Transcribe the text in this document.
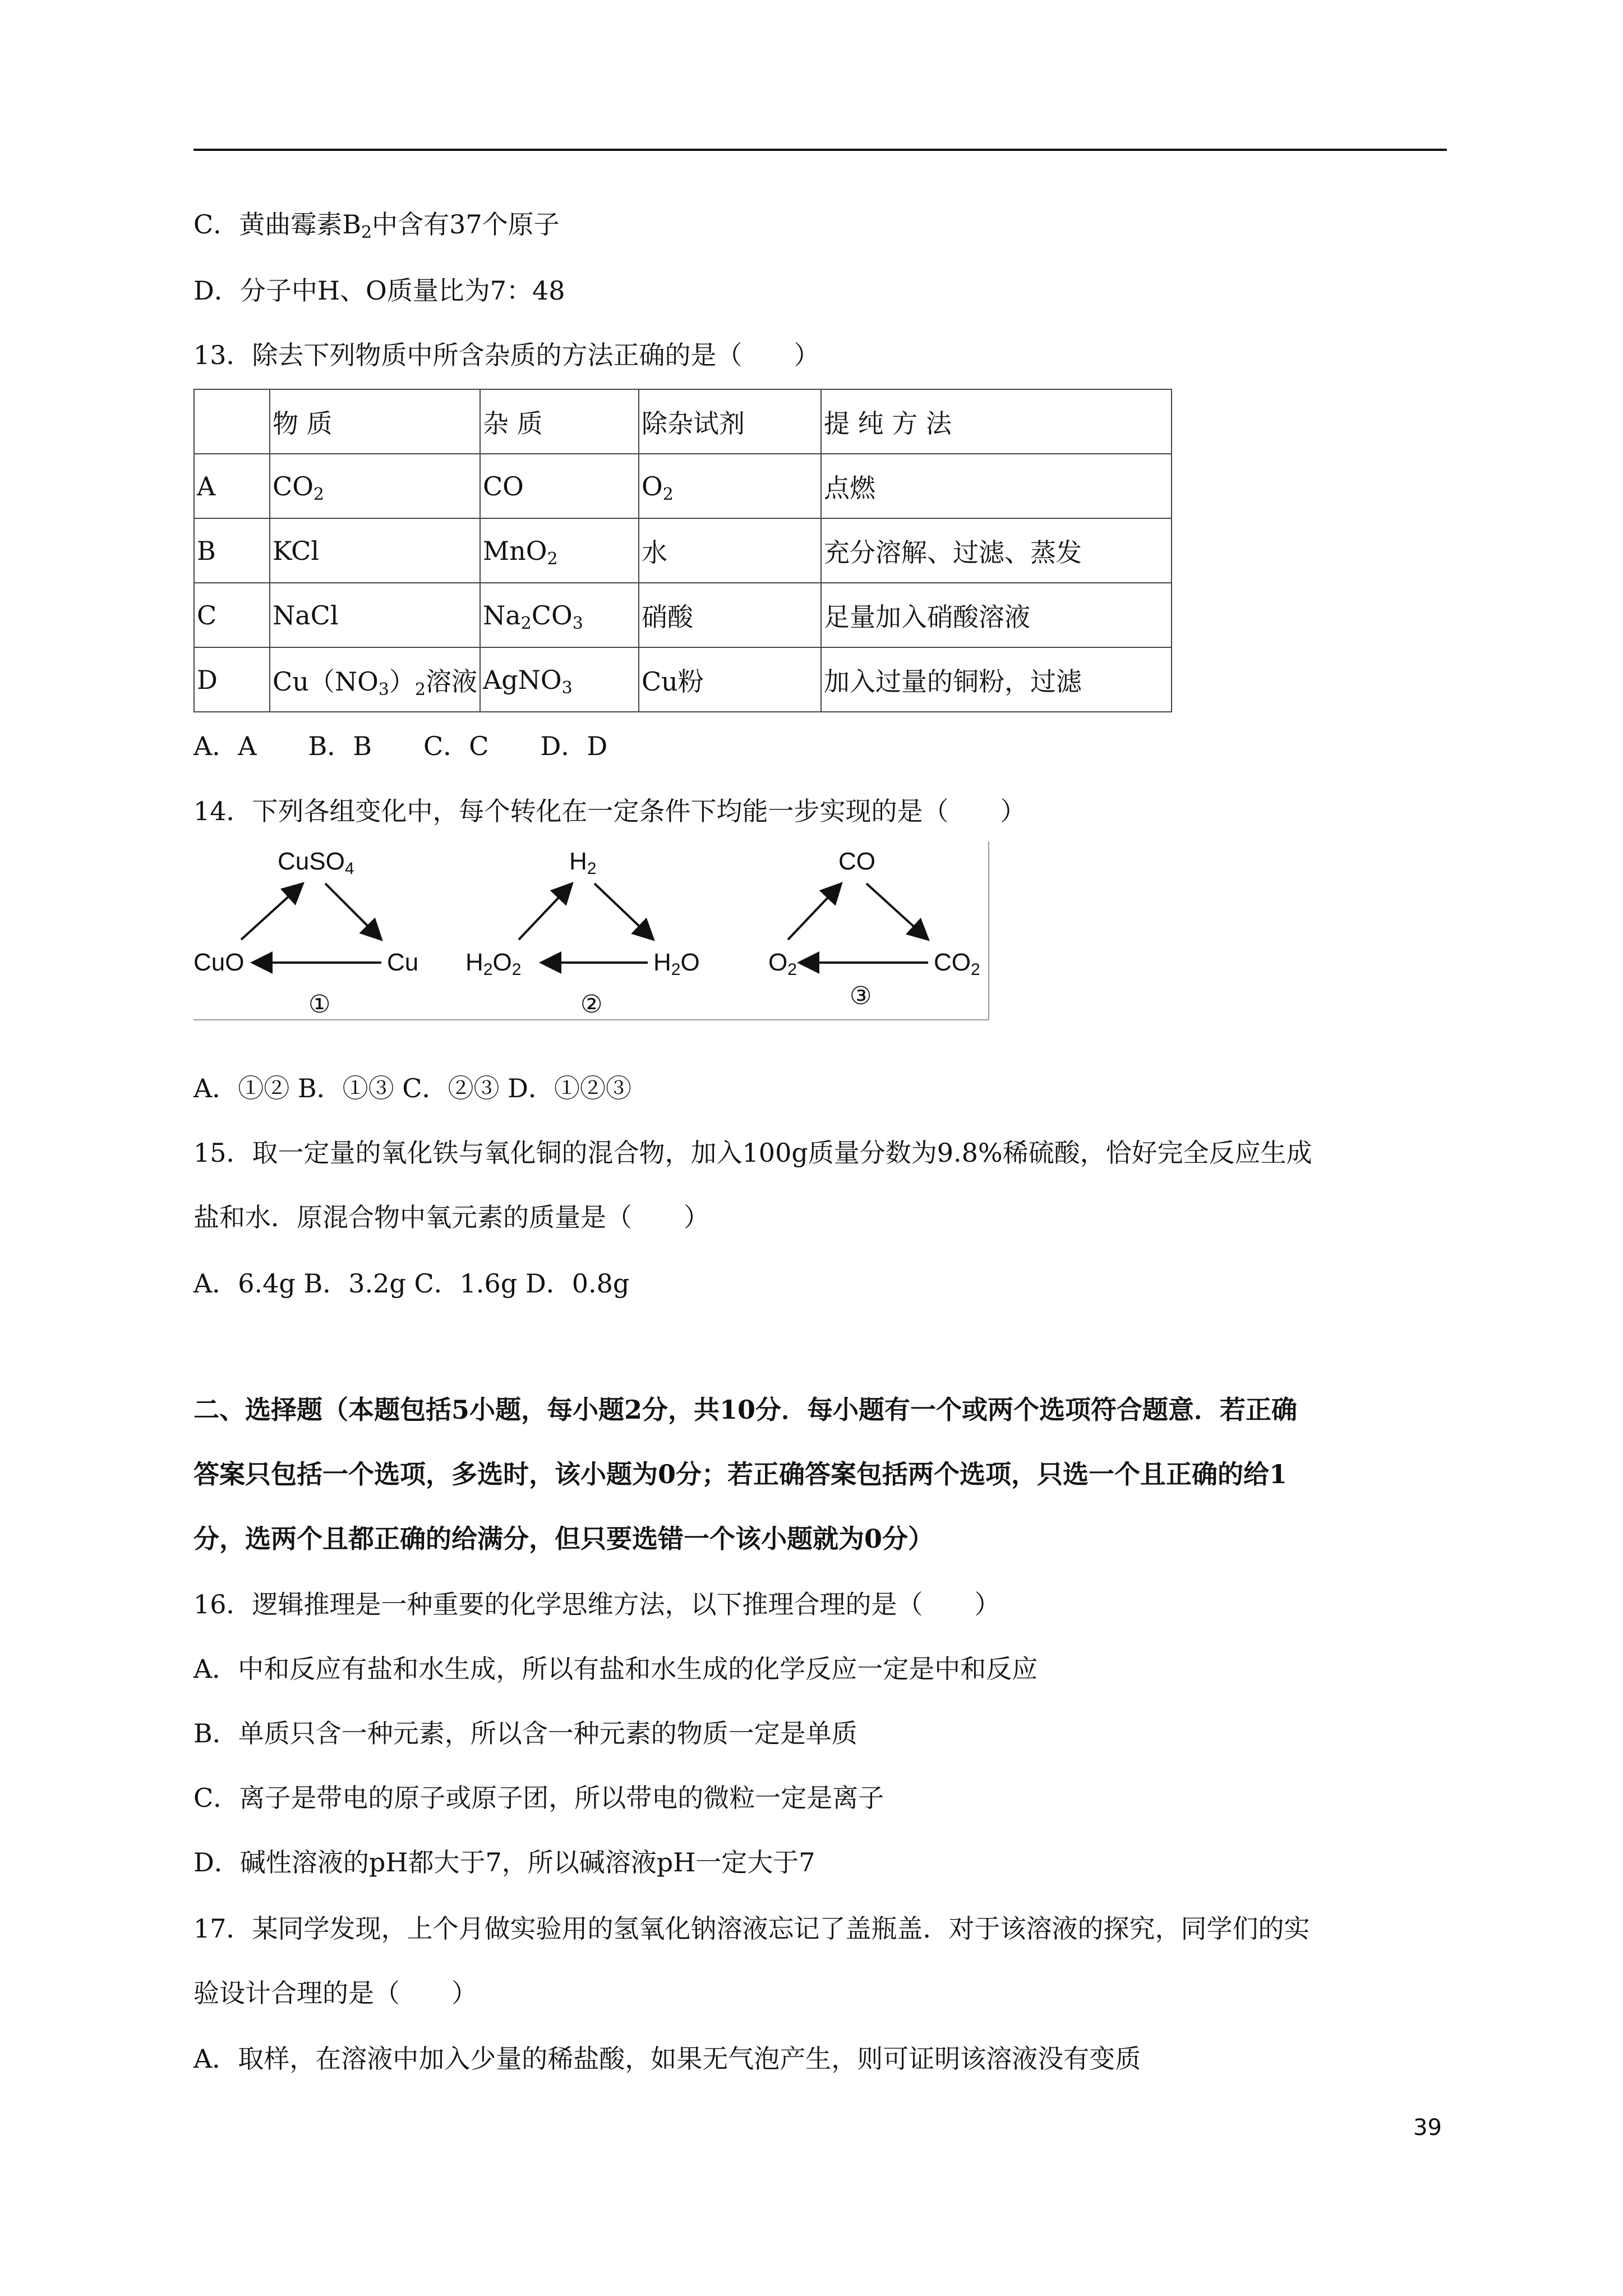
C．黄曲霉素$B_2$中含有37个原子
D．分子中H、O质量比为7：48
13．除去下列物质中所含杂质的方法正确的是（　　）
	物 质	杂 质	除杂试剂	提 纯 方 法
A	$CO_2$	CO	$O_2$	点燃
B	KCl	MnO$_2$	水	充分溶解、过滤、蒸发
C	NaCl	$Na_2CO_3$	硝酸	足量加入硝酸溶液
D	$Cu(NO_3)_2$溶液	AgNO$_3$	Cu粉	加入过量的铜粉，过滤
A．A　　B．B　　C．C　　D．D
14．下列各组变化中，每个转化在一定条件下均能一步实现的是（　　）
CuSO4
CuO	Cu
①
H2
H2O2	H2O
②
CO
O2	CO2
③
A．①② B．①③ C．②③ D．①②③
15．取一定量的氧化铁与氧化铜的混合物，加入100g质量分数为9.8%稀硫酸，恰好完全反应生成
盐和水．原混合物中氧元素的质量是（　　）
A．6.4g B．3.2g C．1.6g D．0.8g
二、选择题（本题包括5小题，每小题2分，共10分．每小题有一个或两个选项符合题意．若正确
答案只包括一个选项，多选时，该小题为0分；若正确答案包括两个选项，只选一个且正确的给1
分，选两个且都正确的给满分，但只要选错一个该小题就为0分）
16．逻辑推理是一种重要的化学思维方法，以下推理合理的是（　　）
A．中和反应有盐和水生成，所以有盐和水生成的化学反应一定是中和反应
B．单质只含一种元素，所以含一种元素的物质一定是单质
C．离子是带电的原子或原子团，所以带电的微粒一定是离子
D．碱性溶液的pH都大于7，所以碱溶液pH一定大于7
17．某同学发现，上个月做实验用的氢氧化钠溶液忘记了盖瓶盖．对于该溶液的探究，同学们的实
验设计合理的是（　　）
A．取样，在溶液中加入少量的稀盐酸，如果无气泡产生，则可证明该溶液没有变质
39
